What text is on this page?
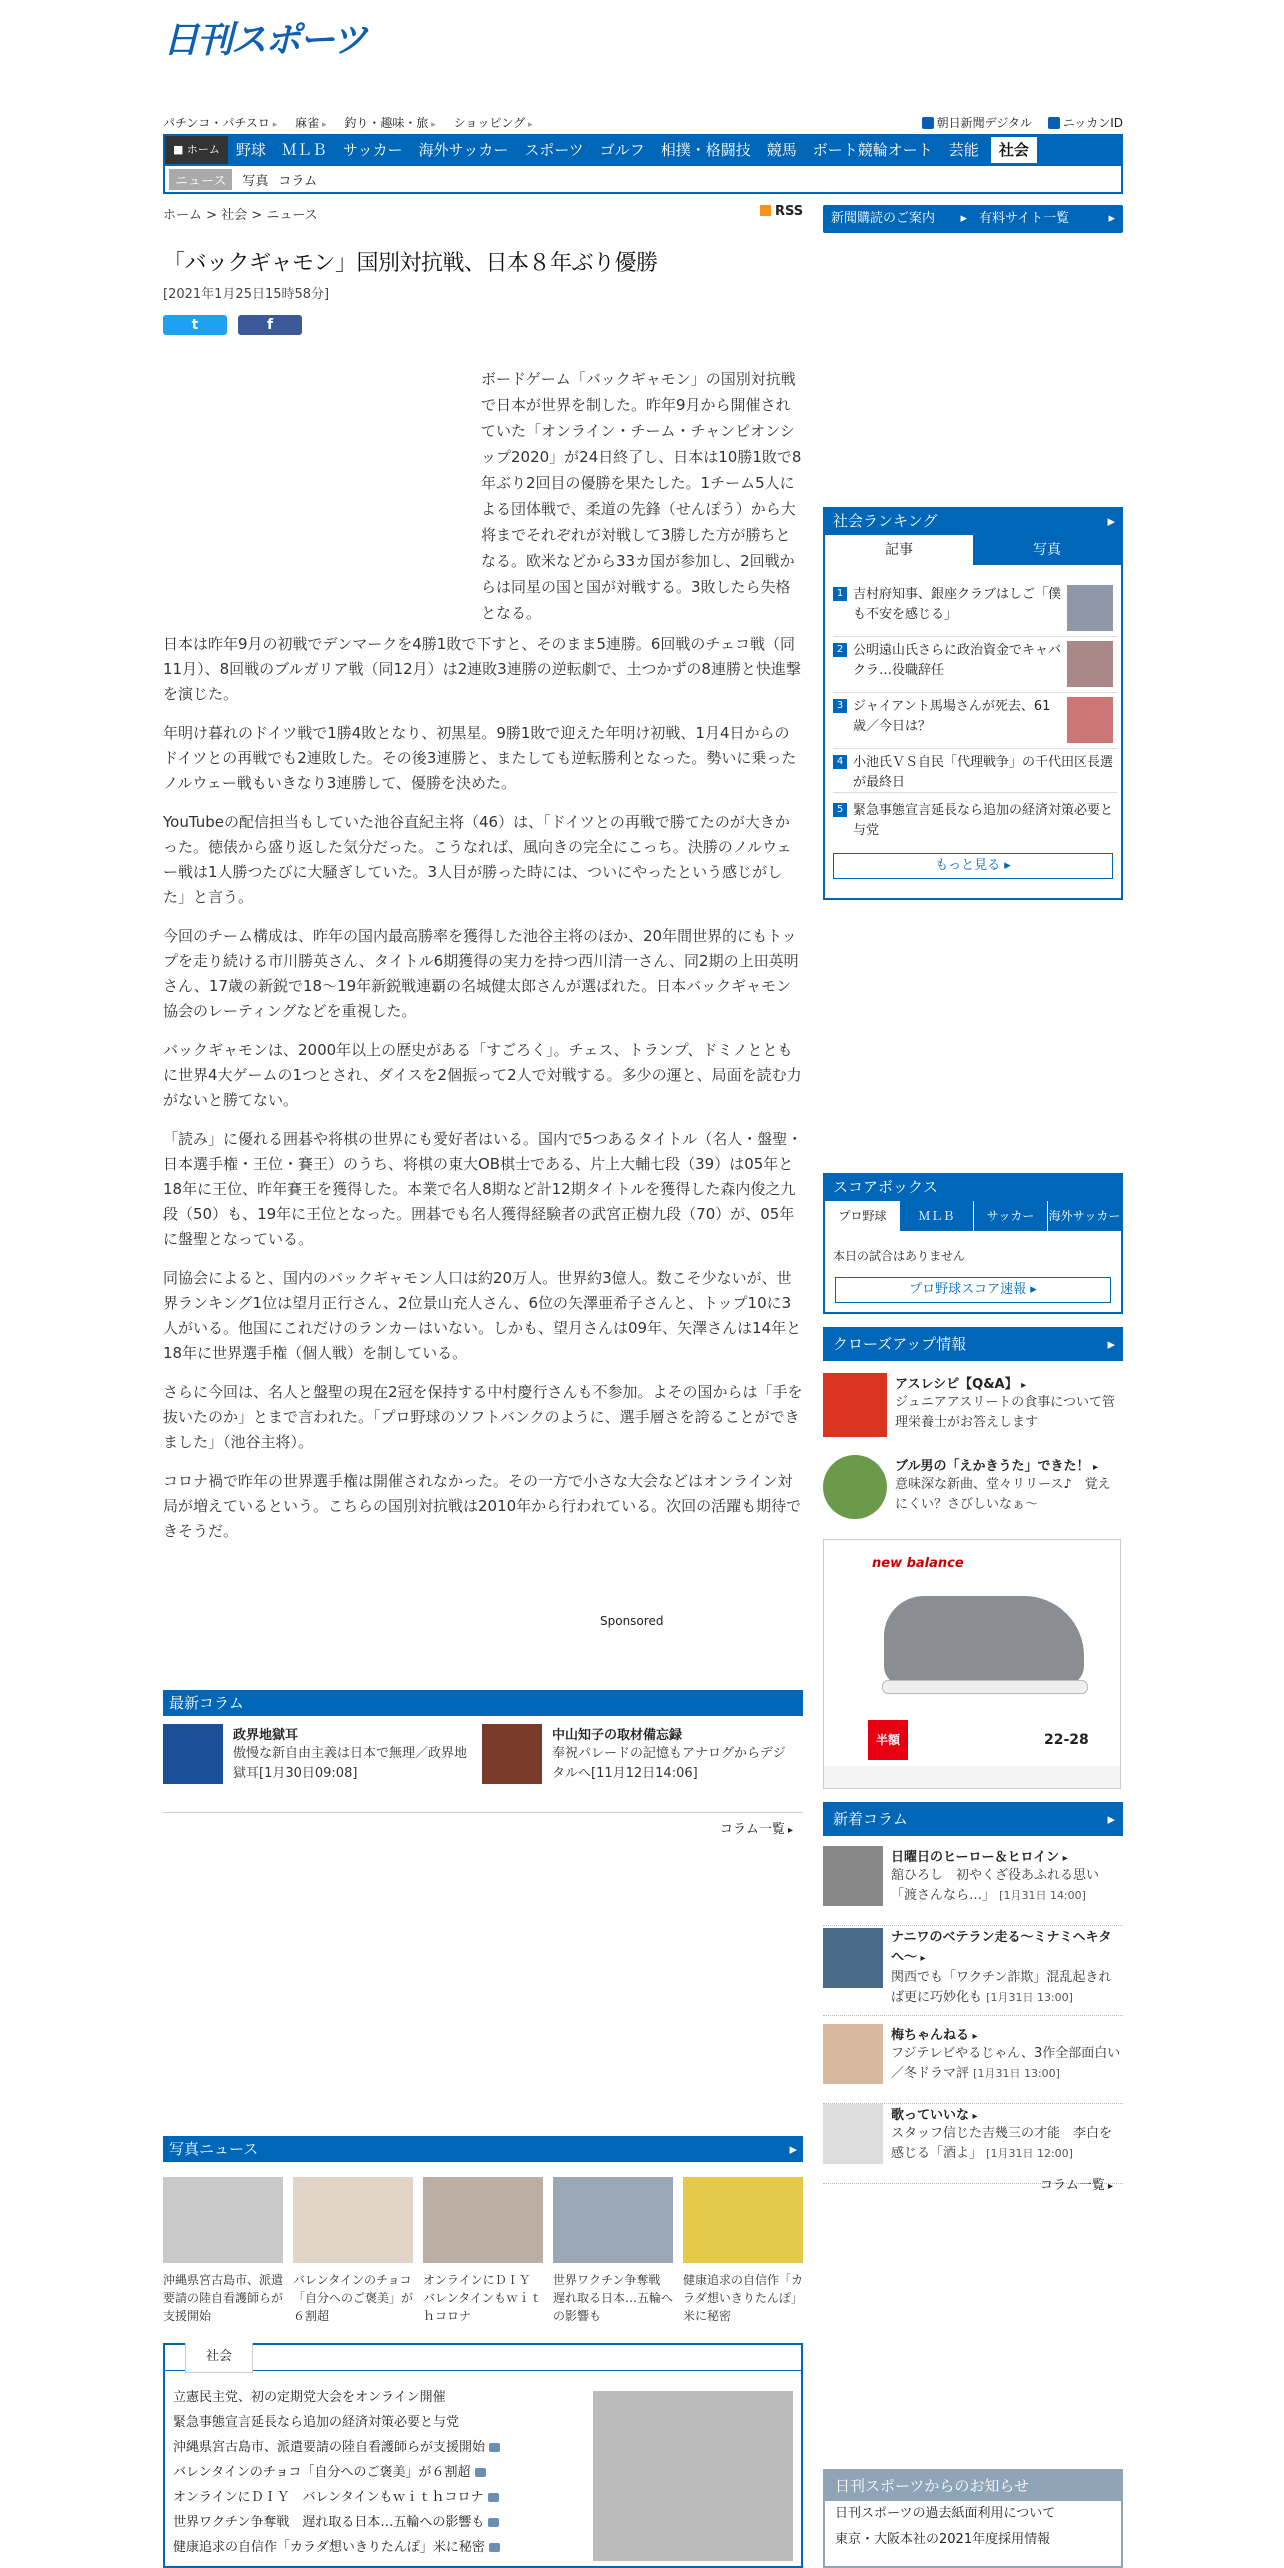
日刊スポーツ
パチンコ・パチスロ ▸ 麻雀 ▸ 釣り・趣味・旅 ▸ ショッピング ▸	朝日新聞デジタル	ニッカンID
■ ホーム	野球	ＭＬＢ	サッカー	海外サッカー	スポーツ	ゴルフ	相撲・格闘技	競馬	ボート競輪オート	芸能	社会
ニュース	写真 コラム
ホーム > 社会 > ニュース	RSS	新聞購読のご案内 ▸	有料サイト一覧 ▸
「バックギャモン」国別対抗戦、日本８年ぶり優勝
[2021年1月25日15時58分]
t	f
ボードゲーム「バックギャモン」の国別対抗戦で日本が世界を制した。昨年9月から開催されていた「オンライン・チーム・チャンピオンシップ2020」が24日終了し、日本は10勝1敗で8年ぶり2回目の優勝を果たした。1チーム5人による団体戦で、柔道の先鋒（せんぽう）から大将までそれぞれが対戦して3勝した方が勝ちとなる。欧米などから33カ国が参加し、2回戦からは同星の国と国が対戦する。3敗したら失格となる。

日本は昨年9月の初戦でデンマークを4勝1敗で下すと、そのまま5連勝。6回戦のチェコ戦（同11月）、8回戦のブルガリア戦（同12月）は2連敗3連勝の逆転劇で、土つかずの8連勝と快進撃を演じた。

年明け暮れのドイツ戦で1勝4敗となり、初黒星。9勝1敗で迎えた年明け初戦、1月4日からのドイツとの再戦でも2連敗した。その後3連勝と、またしても逆転勝利となった。勢いに乗ったノルウェー戦もいきなり3連勝して、優勝を決めた。

YouTubeの配信担当もしていた池谷直紀主将（46）は、「ドイツとの再戦で勝てたのが大きかった。徳俵から盛り返した気分だった。こうなれば、風向きの完全にこっち。決勝のノルウェー戦は1人勝つたびに大騒ぎしていた。3人目が勝った時には、ついにやったという感じがした」と言う。

今回のチーム構成は、昨年の国内最高勝率を獲得した池谷主将のほか、20年間世界的にもトップを走り続ける市川勝英さん、タイトル6期獲得の実力を持つ西川清一さん、同2期の上田英明さん、17歳の新鋭で18～19年新鋭戦連覇の名城健太郎さんが選ばれた。日本バックギャモン協会のレーティングなどを重視した。

バックギャモンは、2000年以上の歴史がある「すごろく」。チェス、トランプ、ドミノとともに世界4大ゲームの1つとされ、ダイスを2個振って2人で対戦する。多少の運と、局面を読む力がないと勝てない。

「読み」に優れる囲碁や将棋の世界にも愛好者はいる。国内で5つあるタイトル（名人・盤聖・日本選手権・王位・賽王）のうち、将棋の東大OB棋士である、片上大輔七段（39）は05年と18年に王位、昨年賽王を獲得した。本業で名人8期など計12期タイトルを獲得した森内俊之九段（50）も、19年に王位となった。囲碁でも名人獲得経験者の武宮正樹九段（70）が、05年に盤聖となっている。

同協会によると、国内のバックギャモン人口は約20万人。世界約3億人。数こそ少ないが、世界ランキング1位は望月正行さん、2位景山充人さん、6位の矢澤亜希子さんと、トップ10に3人がいる。他国にこれだけのランカーはいない。しかも、望月さんは09年、矢澤さんは14年と18年に世界選手権（個人戦）を制している。

さらに今回は、名人と盤聖の現在2冠を保持する中村慶行さんも不参加。よその国からは「手を抜いたのか」とまで言われた。「プロ野球のソフトバンクのように、選手層さを誇ることができました」（池谷主将）。

コロナ禍で昨年の世界選手権は開催されなかった。その一方で小さな大会などはオンライン対局が増えているという。こちらの国別対抗戦は2010年から行われている。次回の活躍も期待できそうだ。

Sponsored
最新コラム
政界地獄耳
傲慢な新自由主義は日本で無理／政界地獄耳[1月30日09:08]
中山知子の取材備忘録
奉祝パレードの記憶もアナログからデジタルへ[11月12日14:06]
コラム一覧 ▸
写真ニュース ▸
沖縄県宮古島市、派遣要請の陸自看護師らが支援開始
バレンタインのチョコ「自分へのご褒美」が６割超
オンラインにＤＩＹ　バレンタインもｗｉｔｈコロナ
世界ワクチン争奪戦　遅れ取る日本…五輪への影響も
健康追求の自信作「カラダ想いきりたんぽ」米に秘密
社会
立憲民主党、初の定期党大会をオンライン開催
緊急事態宣言延長なら追加の経済対策必要と与党
沖縄県宮古島市、派遣要請の陸自看護師らが支援開始
バレンタインのチョコ「自分へのご褒美」が６割超
オンラインにＤＩＹ　バレンタインもｗｉｔｈコロナ
世界ワクチン争奪戦　遅れ取る日本…五輪への影響も
健康追求の自信作「カラダ想いきりたんぽ」米に秘密
社会ランキング ▸
記事	写真
1 吉村府知事、銀座クラブはしご「僕も不安を感じる」
2 公明遠山氏さらに政治資金でキャバクラ…役職辞任
3 ジャイアント馬場さんが死去、61歳／今日は？
4 小池氏ＶＳ自民「代理戦争」の千代田区長選が最終日
5 緊急事態宣言延長なら追加の経済対策必要と与党
もっと見る ▸
スコアボックス
プロ野球	ＭＬＢ	サッカー	海外サッカー
本日の試合はありません
プロ野球スコア速報 ▸
クローズアップ情報 ▸
アスレシピ【Q&A】 ▸
ジュニアアスリートの食事について管理栄養士がお答えします
ブル男の「えかきうた」できた！ ▸
意味深な新曲、堂々リリース♪　覚えにくい？さびしいなぁ～
new balance
半額	22-28
新着コラム ▸
日曜日のヒーロー＆ヒロイン ▸
舘ひろし　初やくざ役あふれる思い「渡さんなら…」 [1月31日 14:00]
ナニワのベテラン走る～ミナミヘキタへ～ ▸
関西でも「ワクチン詐欺」混乱起きれば更に巧妙化も [1月31日 13:00]
梅ちゃんねる ▸
フジテレビやるじゃん、3作全部面白い／冬ドラマ評 [1月31日 13:00]
歌っていいな ▸
スタッフ信じた吉幾三の才能　李白を感じる「酒よ」 [1月31日 12:00]
コラム一覧 ▸
日刊スポーツからのお知らせ
日刊スポーツの過去紙面利用について
東京・大阪本社の2021年度採用情報
